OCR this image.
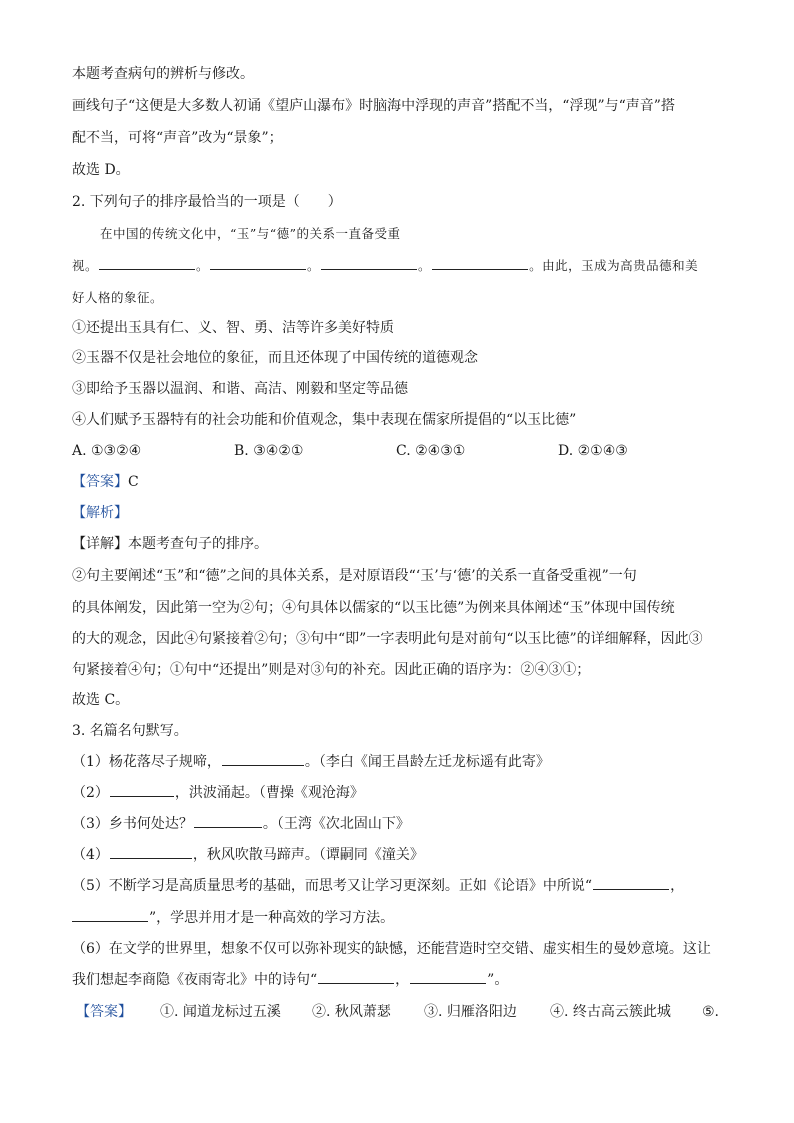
本题考查病句的辨析与修改。
画线句子“这便是大多数人初诵《望庐山瀑布》时脑海中浮现的声音”搭配不当，“浮现”与“声音”搭
配不当，可将“声音”改为“景象”；
故选 D。
2. 下列句子的排序最恰当的一项是（　　）
在中国的传统文化中，“玉”与“德”的关系一直备受重
视。	。	。	。	。由此，玉成为高贵品德和美
好人格的象征。
①还提出玉具有仁、义、智、勇、洁等许多美好特质
②玉器不仅是社会地位的象征，而且还体现了中国传统的道德观念
③即给予玉器以温润、和谐、高洁、刚毅和坚定等品德
④人们赋予玉器特有的社会功能和价值观念，集中表现在儒家所提倡的“以玉比德”
A. ①③②④	B. ③④②①	C. ②④③①	D. ②①④③
【答案】C
【解析】
【详解】本题考查句子的排序。
②句主要阐述“玉”和“德”之间的具体关系，是对原语段“‘玉’与‘德’的关系一直备受重视”一句
的具体阐发，因此第一空为②句；④句具体以儒家的“以玉比德”为例来具体阐述“玉”体现中国传统
的大的观念，因此④句紧接着②句；③句中“即”一字表明此句是对前句“以玉比德”的详细解释，因此③
句紧接着④句；①句中“还提出”则是对③句的补充。因此正确的语序为：②④③①；
故选 C。
3. 名篇名句默写。
（1）杨花落尽子规啼，	。（李白《闻王昌龄左迁龙标遥有此寄》
（2）	，洪波涌起。（曹操《观沧海》
（3）乡书何处达？	。（王湾《次北固山下》
（4）	，秋风吹散马蹄声。（谭嗣同《潼关》
（5）不断学习是高质量思考的基础，而思考又让学习更深刻。正如《论语》中所说“	，
”，学思并用才是一种高效的学习方法。
（6）在文学的世界里，想象不仅可以弥补现实的缺憾，还能营造时空交错、虚实相生的曼妙意境。这让
我们想起李商隐《夜雨寄北》中的诗句“	，	”。
【答案】 ①. 闻道龙标过五溪 ②. 秋风萧瑟 ③. 归雁洛阳边 ④. 终古高云簇此城 ⑤.
